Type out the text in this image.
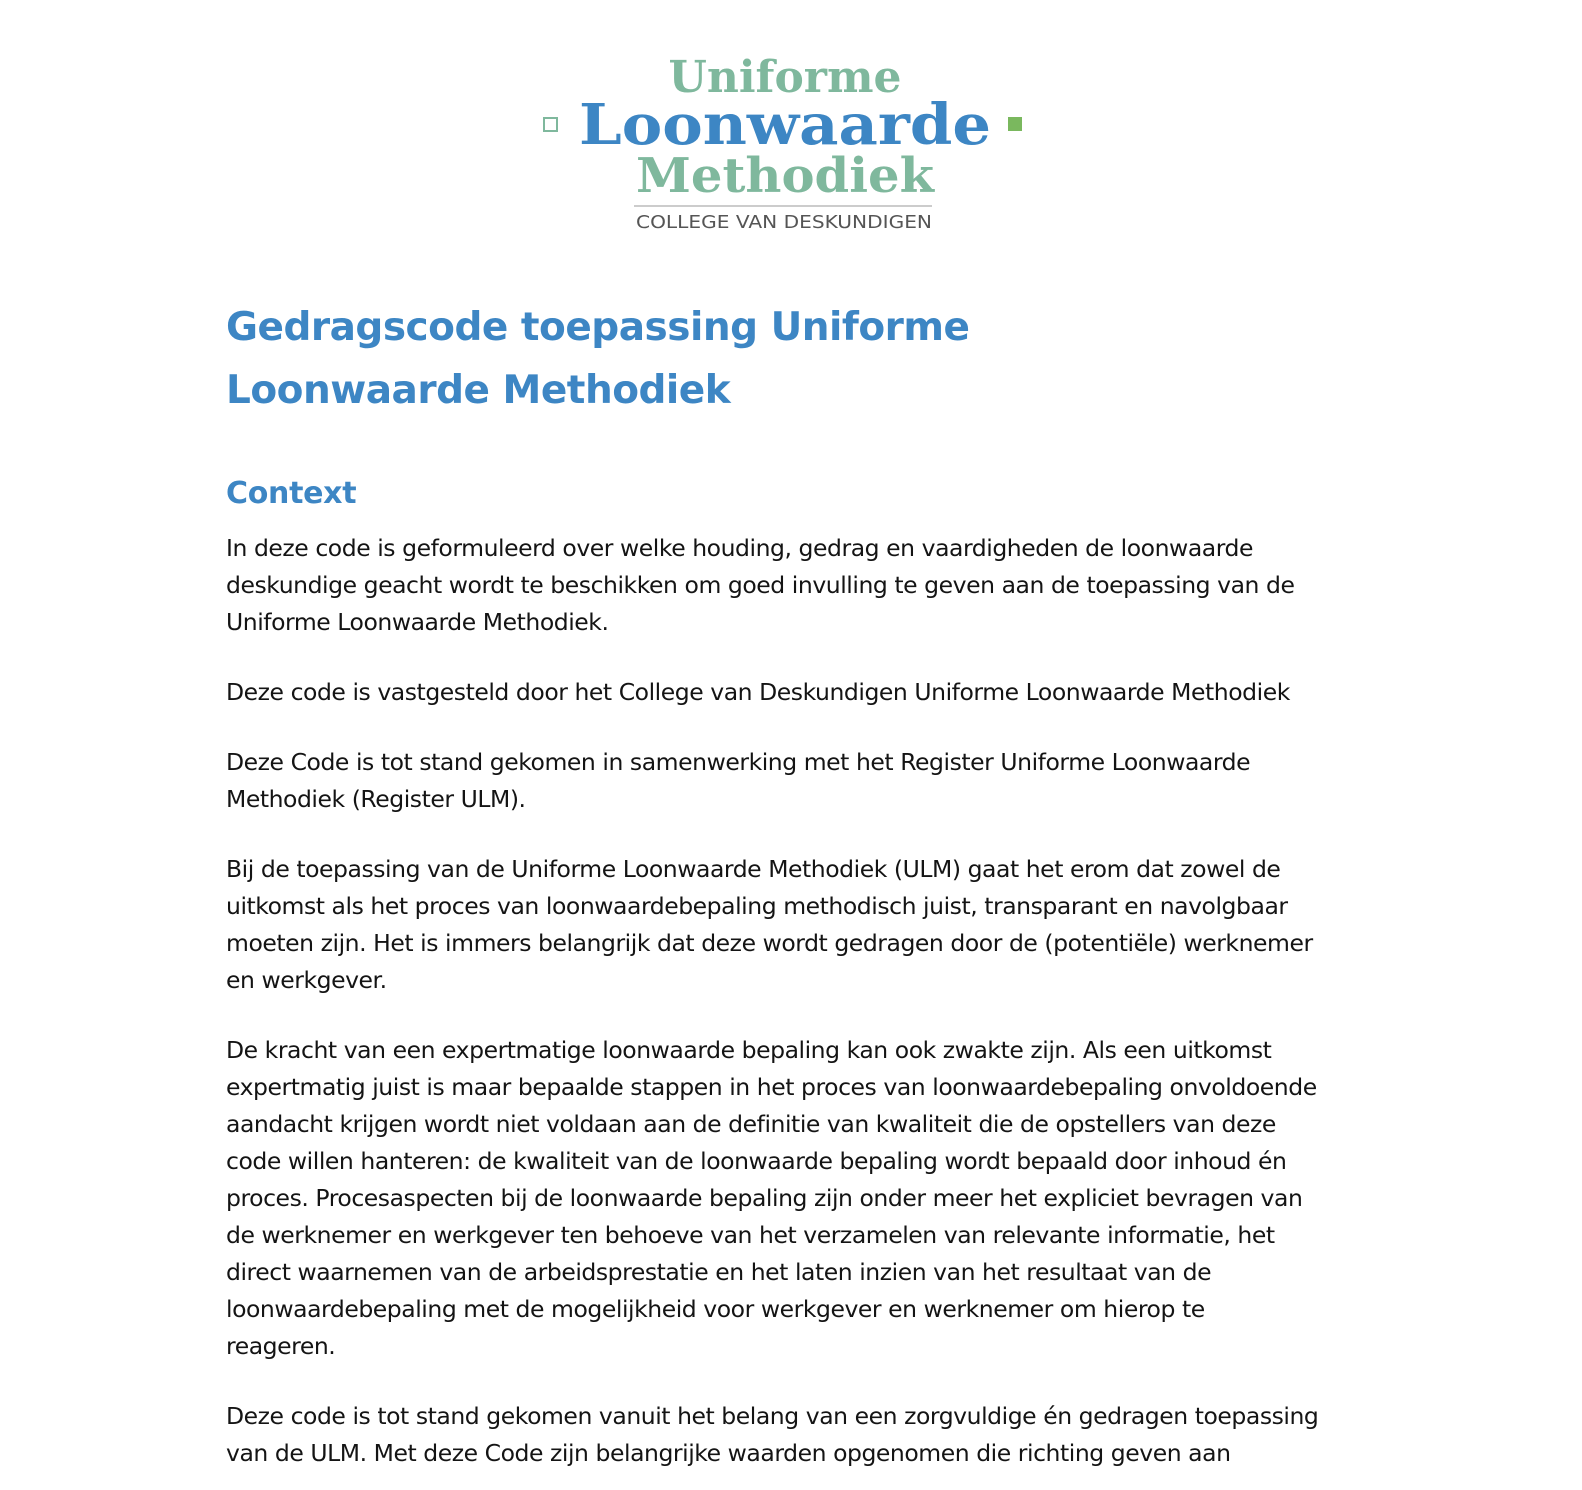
Uniforme
Loonwaarde
Methodiek
COLLEGE VAN DESKUNDIGEN
Gedragscode toepassing Uniforme Loonwaarde Methodiek
Context

In deze code is geformuleerd over welke houding, gedrag en vaardigheden de loonwaarde
deskundige geacht wordt te beschikken om goed invulling te geven aan de toepassing van de
Uniforme Loonwaarde Methodiek.

Deze code is vastgesteld door het College van Deskundigen Uniforme Loonwaarde Methodiek

Deze Code is tot stand gekomen in samenwerking met het Register Uniforme Loonwaarde
Methodiek (Register ULM).

Bij de toepassing van de Uniforme Loonwaarde Methodiek (ULM) gaat het erom dat zowel de
uitkomst als het proces van loonwaardebepaling methodisch juist, transparant en navolgbaar
moeten zijn. Het is immers belangrijk dat deze wordt gedragen door de (potentiële) werknemer
en werkgever.

De kracht van een expertmatige loonwaarde bepaling kan ook zwakte zijn. Als een uitkomst
expertmatig juist is maar bepaalde stappen in het proces van loonwaardebepaling onvoldoende
aandacht krijgen wordt niet voldaan aan de definitie van kwaliteit die de opstellers van deze
code willen hanteren: de kwaliteit van de loonwaarde bepaling wordt bepaald door inhoud én
proces. Procesaspecten bij de loonwaarde bepaling zijn onder meer het expliciet bevragen van
de werknemer en werkgever ten behoeve van het verzamelen van relevante informatie, het
direct waarnemen van de arbeidsprestatie en het laten inzien van het resultaat van de
loonwaardebepaling met de mogelijkheid voor werkgever en werknemer om hierop te
reageren.

Deze code is tot stand gekomen vanuit het belang van een zorgvuldige én gedragen toepassing
van de ULM. Met deze Code zijn belangrijke waarden opgenomen die richting geven aan
